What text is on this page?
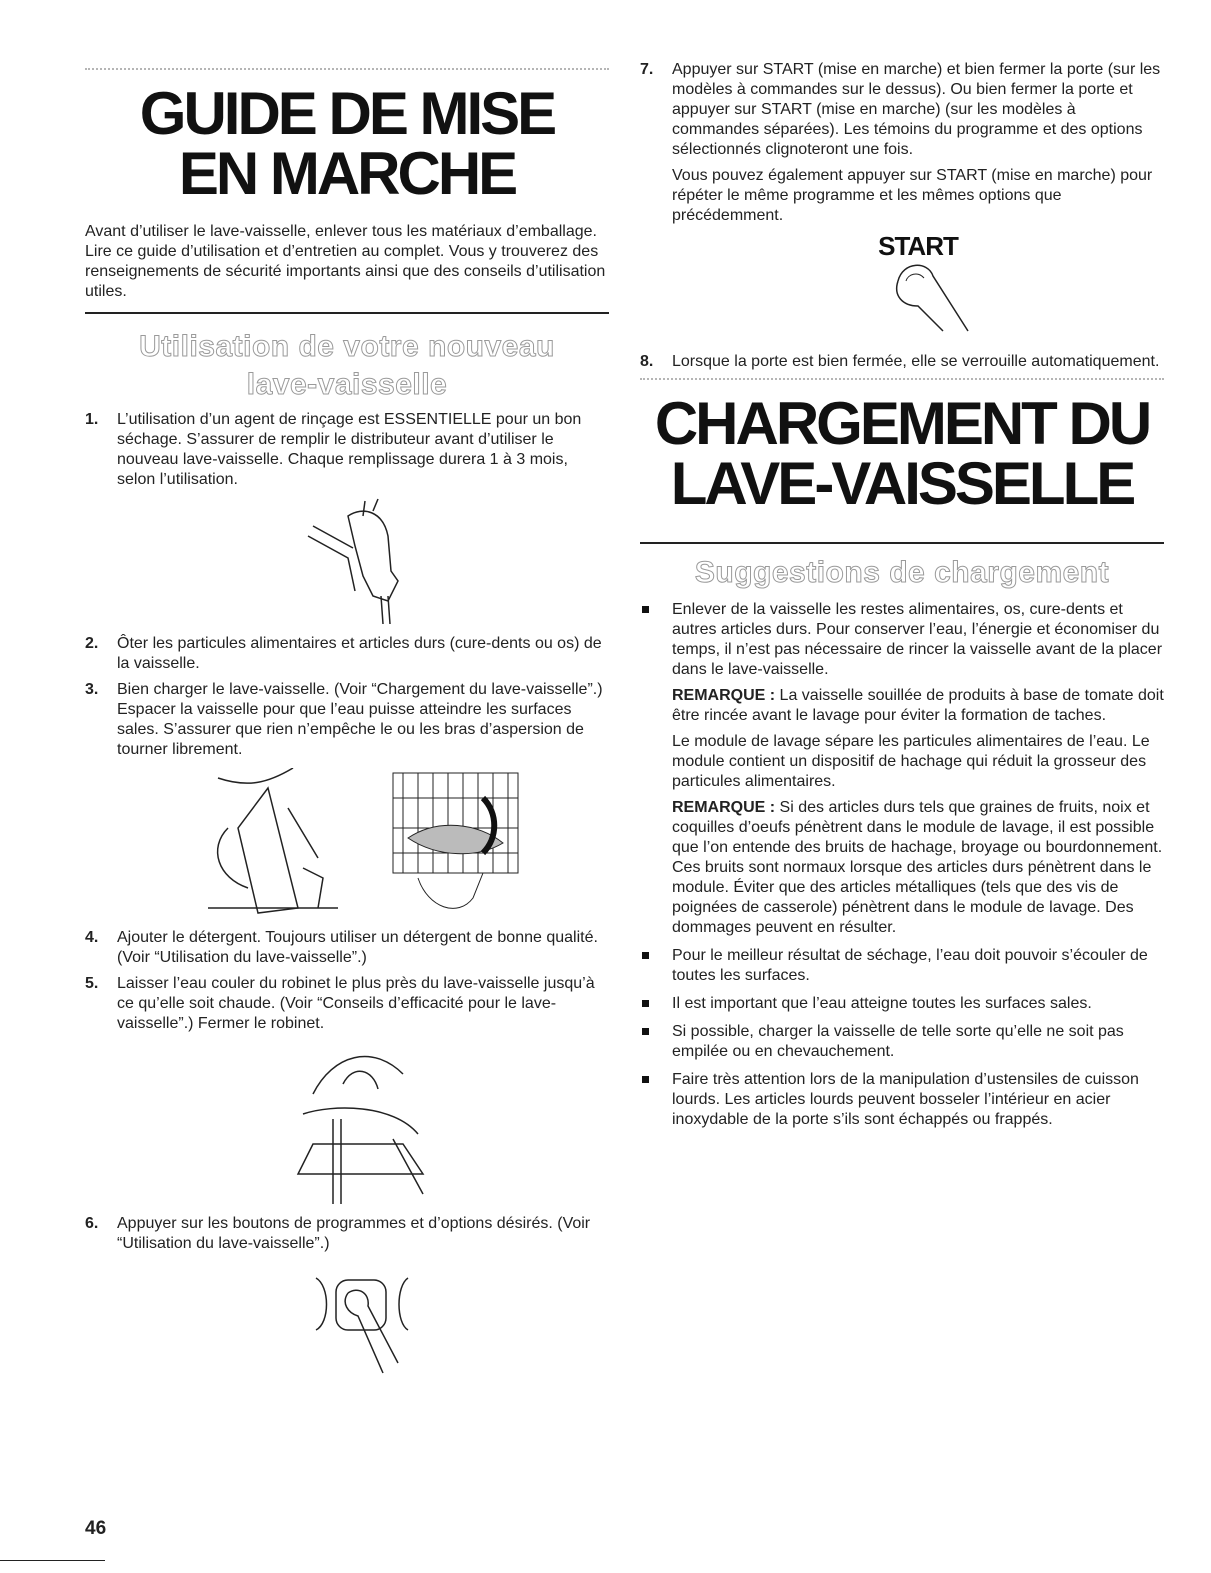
GUIDE DE MISE
EN MARCHE

Avant d’utiliser le lave-vaisselle, enlever tous les matériaux d’emballage. Lire ce guide d’utilisation et d’entretien au complet. Vous y trouverez des renseignements de sécurité importants ainsi que des conseils d’utilisation utiles.

Utilisation de votre nouveau
lave-vaisselle
1. L’utilisation d’un agent de rinçage est ESSENTIELLE pour un bon séchage. S’assurer de remplir le distributeur avant d’utiliser le nouveau lave-vaisselle. Chaque remplissage durera 1 à 3 mois, selon l’utilisation.

2. Ôter les particules alimentaires et articles durs (cure-dents ou os) de la vaisselle.

3. Bien charger le lave-vaisselle. (Voir “Chargement du lave-vaisselle”.) Espacer la vaisselle pour que l’eau puisse atteindre les surfaces sales. S’assurer que rien n’empêche le ou les bras d’aspersion de tourner librement.

4. Ajouter le détergent. Toujours utiliser un détergent de bonne qualité. (Voir “Utilisation du lave-vaisselle”.)

5. Laisser l’eau couler du robinet le plus près du lave-vaisselle jusqu’à ce qu’elle soit chaude. (Voir “Conseils d’efficacité pour le lave-vaisselle”.) Fermer le robinet.

6. Appuyer sur les boutons de programmes et d’options désirés. (Voir “Utilisation du lave-vaisselle”.)

7. Appuyer sur START (mise en marche) et bien fermer la porte (sur les modèles à commandes sur le dessus). Ou bien fermer la porte et appuyer sur START (mise en marche) (sur les modèles à commandes séparées). Les témoins du programme et des options sélectionnés clignoteront une fois.

Vous pouvez également appuyer sur START (mise en marche) pour répéter le même programme et les mêmes options que précédemment.

START
8. Lorsque la porte est bien fermée, elle se verrouille automatiquement.

CHARGEMENT DU
LAVE-VAISSELLE
Suggestions de chargement

Enlever de la vaisselle les restes alimentaires, os, cure-dents et autres articles durs. Pour conserver l’eau, l’énergie et économiser du temps, il n’est pas nécessaire de rincer la vaisselle avant de la placer dans le lave-vaisselle.

REMARQUE : La vaisselle souillée de produits à base de tomate doit être rincée avant le lavage pour éviter la formation de taches.

Le module de lavage sépare les particules alimentaires de l’eau. Le module contient un dispositif de hachage qui réduit la grosseur des particules alimentaires.

REMARQUE : Si des articles durs tels que graines de fruits, noix et coquilles d’oeufs pénètrent dans le module de lavage, il est possible que l’on entende des bruits de hachage, broyage ou bourdonnement. Ces bruits sont normaux lorsque des articles durs pénètrent dans le module. Éviter que des articles métalliques (tels que des vis de poignées de casserole) pénètrent dans le module de lavage. Des dommages peuvent en résulter.

Pour le meilleur résultat de séchage, l’eau doit pouvoir s’écouler de toutes les surfaces.

Il est important que l’eau atteigne toutes les surfaces sales.

Si possible, charger la vaisselle de telle sorte qu’elle ne soit pas empilée ou en chevauchement.

Faire très attention lors de la manipulation d’ustensiles de cuisson lourds. Les articles lourds peuvent bosseler l’intérieur en acier inoxydable de la porte s’ils sont échappés ou frappés.

46
